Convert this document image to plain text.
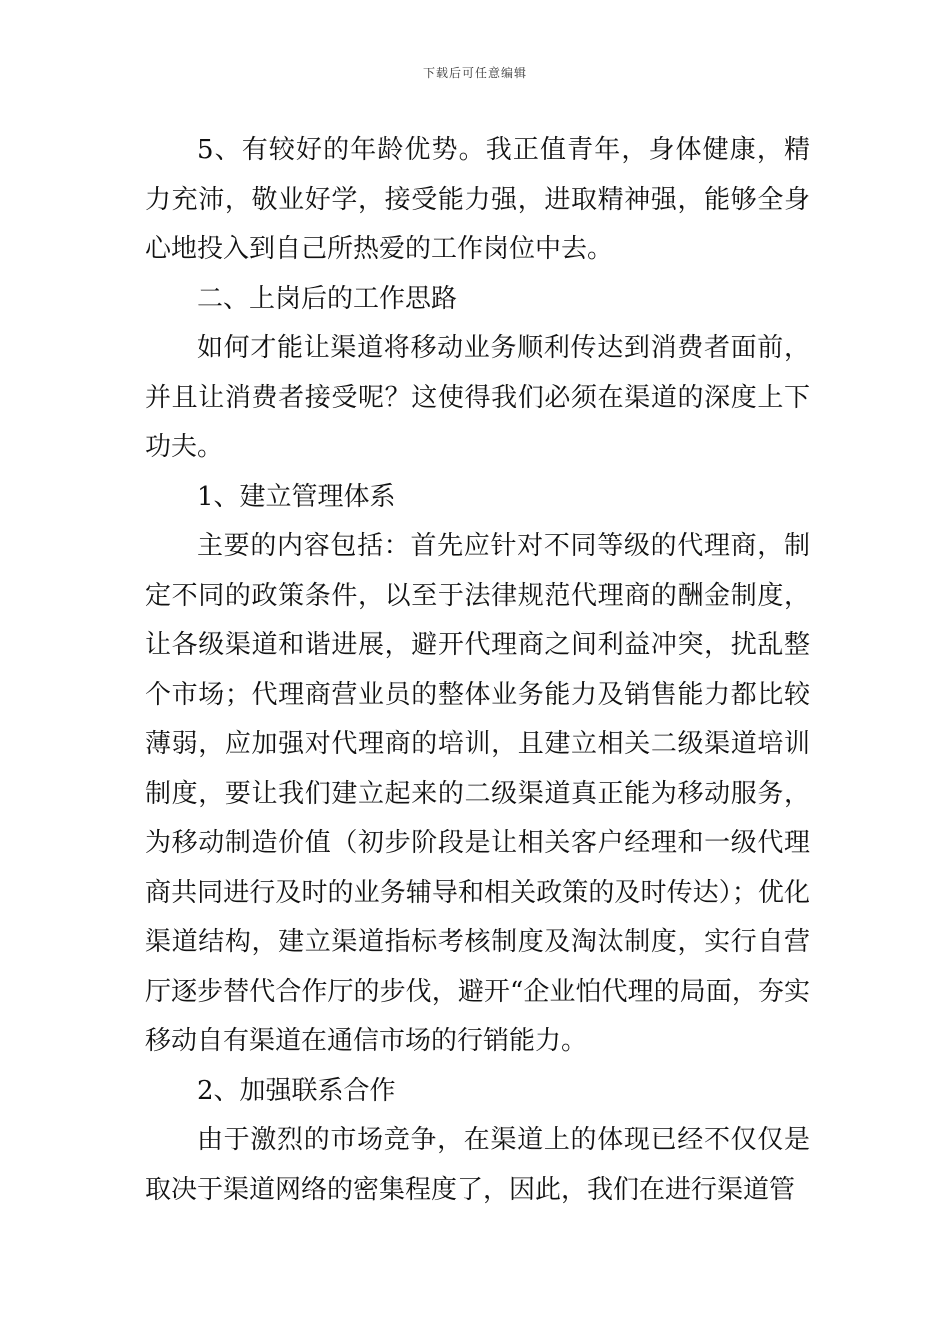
下载后可任意编辑

5、有较好的年龄优势。我正值青年，身体健康，精力充沛，敬业好学，接受能力强，进取精神强，能够全身心地投入到自己所热爱的工作岗位中去。

二、上岗后的工作思路

如何才能让渠道将移动业务顺利传达到消费者面前，并且让消费者接受呢？这使得我们必须在渠道的深度上下功夫。

1、建立管理体系

主要的内容包括：首先应针对不同等级的代理商，制定不同的政策条件，以至于法律规范代理商的酬金制度，让各级渠道和谐进展，避开代理商之间利益冲突，扰乱整个市场；代理商营业员的整体业务能力及销售能力都比较薄弱，应加强对代理商的培训，且建立相关二级渠道培训制度，要让我们建立起来的二级渠道真正能为移动服务，为移动制造价值（初步阶段是让相关客户经理和一级代理商共同进行及时的业务辅导和相关政策的及时传达）；优化渠道结构，建立渠道指标考核制度及淘汰制度，实行自营厅逐步替代合作厅的步伐，避开“企业怕代理的局面，夯实移动自有渠道在通信市场的行销能力。

2、加强联系合作

由于激烈的市场竞争，在渠道上的体现已经不仅仅是取决于渠道网络的密集程度了，因此，我们在进行渠道管
